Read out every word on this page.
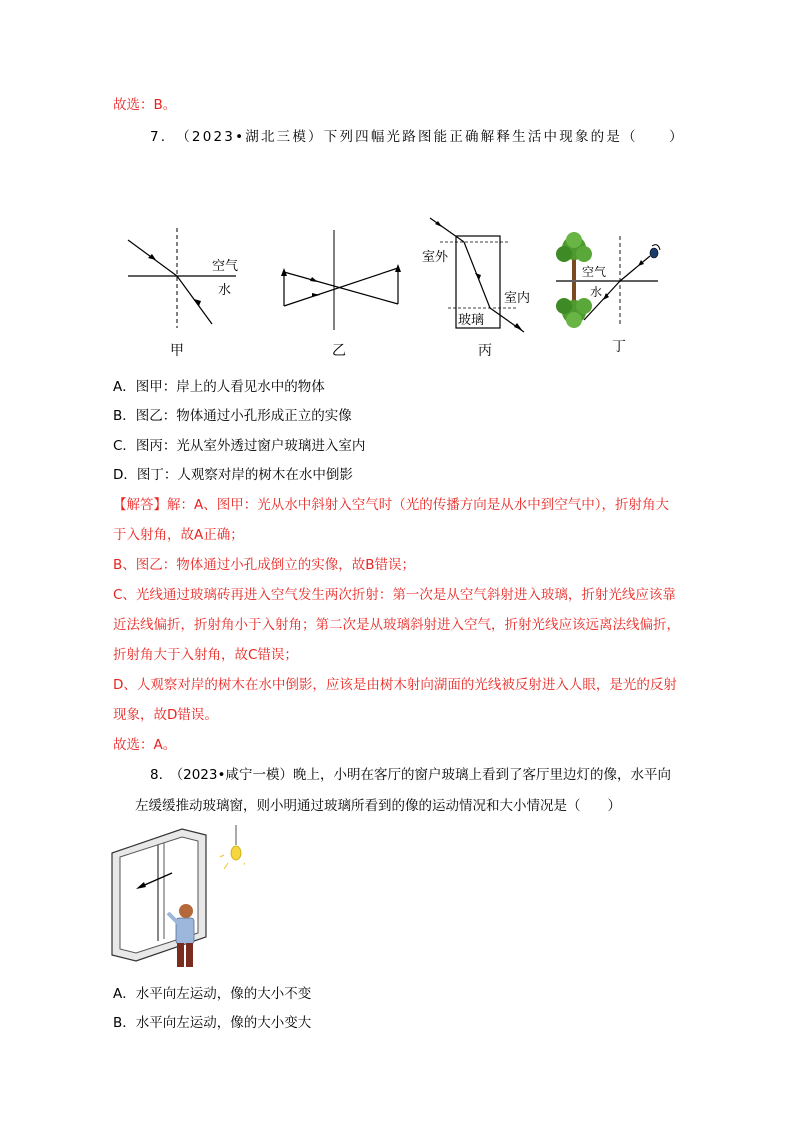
故选：B。
7.　（2023•湖北三模）下列四幅光路图能正确解释生活中现象的是（　　）
空气
水
甲	乙
室外
室内
玻璃
丙
空气
水
丁
A．图甲：岸上的人看见水中的物体
B．图乙：物体通过小孔形成正立的实像
C．图丙：光从室外透过窗户玻璃进入室内
D．图丁：人观察对岸的树木在水中倒影
【解答】解：A、图甲：光从水中斜射入空气时（光的传播方向是从水中到空气中），折射角大
于入射角，故A正确；
B、图乙：物体通过小孔成倒立的实像，故B错误；
C、光线通过玻璃砖再进入空气发生两次折射：第一次是从空气斜射进入玻璃，折射光线应该靠
近法线偏折，折射角小于入射角；第二次是从玻璃斜射进入空气，折射光线应该远离法线偏折，
折射角大于入射角，故C错误；
D、人观察对岸的树木在水中倒影，应该是由树木射向湖面的光线被反射进入人眼，是光的反射
现象，故D错误。
故选：A。
8.　（2023•咸宁一模）晚上，小明在客厅的窗户玻璃上看到了客厅里边灯的像，水平向
左缓缓推动玻璃窗，则小明通过玻璃所看到的像的运动情况和大小情况是（　　）
A．水平向左运动，像的大小不变
B．水平向左运动，像的大小变大
